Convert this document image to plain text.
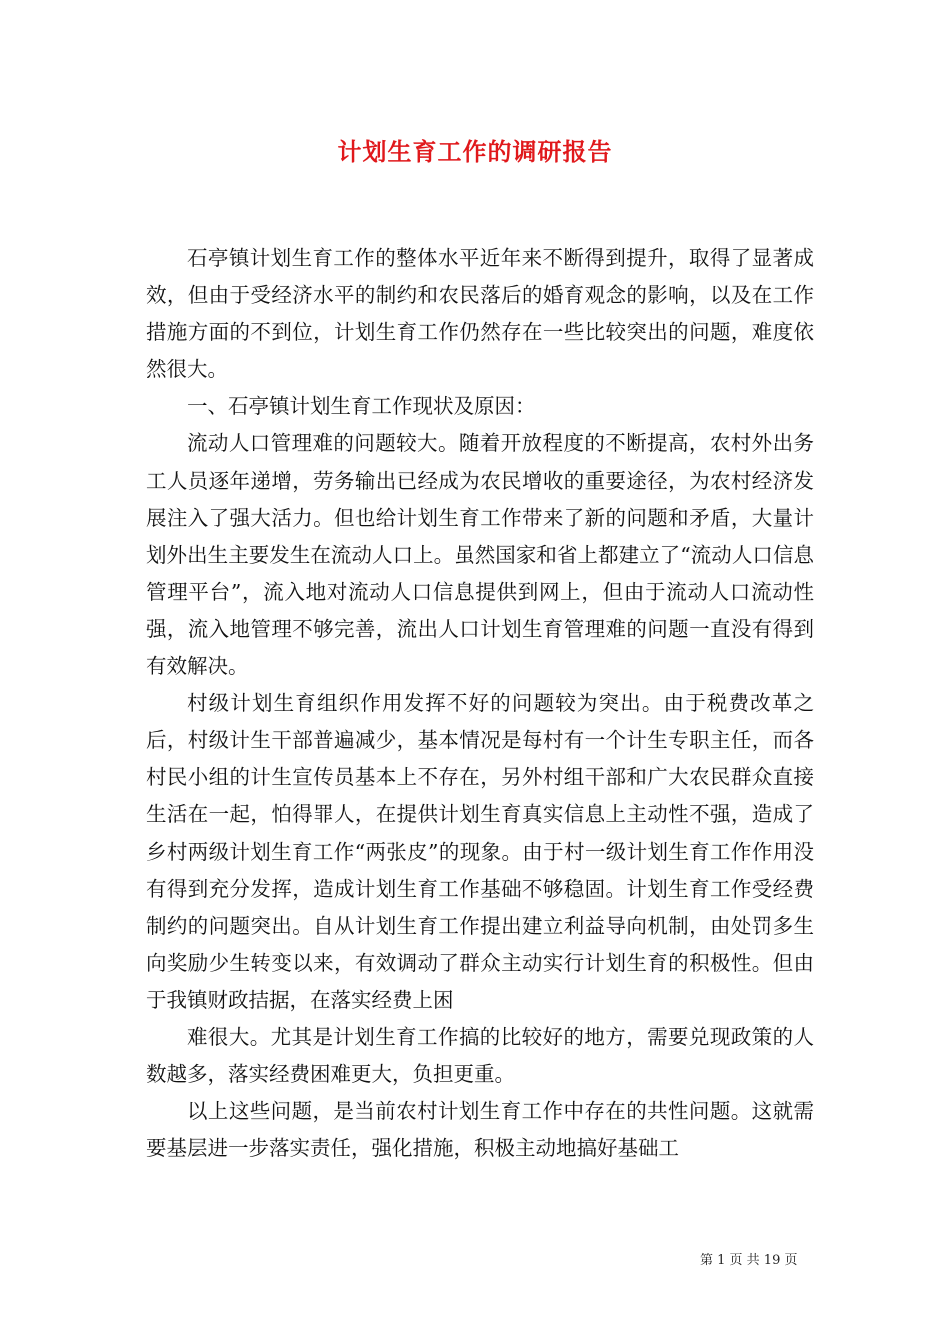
计划生育工作的调研报告

石亭镇计划生育工作的整体水平近年来不断得到提升，取得了显著成效，但由于受经济水平的制约和农民落后的婚育观念的影响，以及在工作措施方面的不到位，计划生育工作仍然存在一些比较突出的问题，难度依然很大。

一、石亭镇计划生育工作现状及原因：

流动人口管理难的问题较大。随着开放程度的不断提高，农村外出务工人员逐年递增，劳务输出已经成为农民增收的重要途径，为农村经济发展注入了强大活力。但也给计划生育工作带来了新的问题和矛盾，大量计划外出生主要发生在流动人口上。虽然国家和省上都建立了“流动人口信息管理平台”，流入地对流动人口信息提供到网上，但由于流动人口流动性强，流入地管理不够完善，流出人口计划生育管理难的问题一直没有得到有效解决。

村级计划生育组织作用发挥不好的问题较为突出。由于税费改革之后，村级计生干部普遍减少，基本情况是每村有一个计生专职主任，而各村民小组的计生宣传员基本上不存在，另外村组干部和广大农民群众直接生活在一起，怕得罪人，在提供计划生育真实信息上主动性不强，造成了乡村两级计划生育工作“两张皮”的现象。由于村一级计划生育工作作用没有得到充分发挥，造成计划生育工作基础不够稳固。计划生育工作受经费制约的问题突出。自从计划生育工作提出建立利益导向机制，由处罚多生向奖励少生转变以来，有效调动了群众主动实行计划生育的积极性。但由于我镇财政拮据，在落实经费上困

难很大。尤其是计划生育工作搞的比较好的地方，需要兑现政策的人数越多，落实经费困难更大，负担更重。

以上这些问题，是当前农村计划生育工作中存在的共性问题。这就需要基层进一步落实责任，强化措施，积极主动地搞好基础工

第 1 页 共 19 页
